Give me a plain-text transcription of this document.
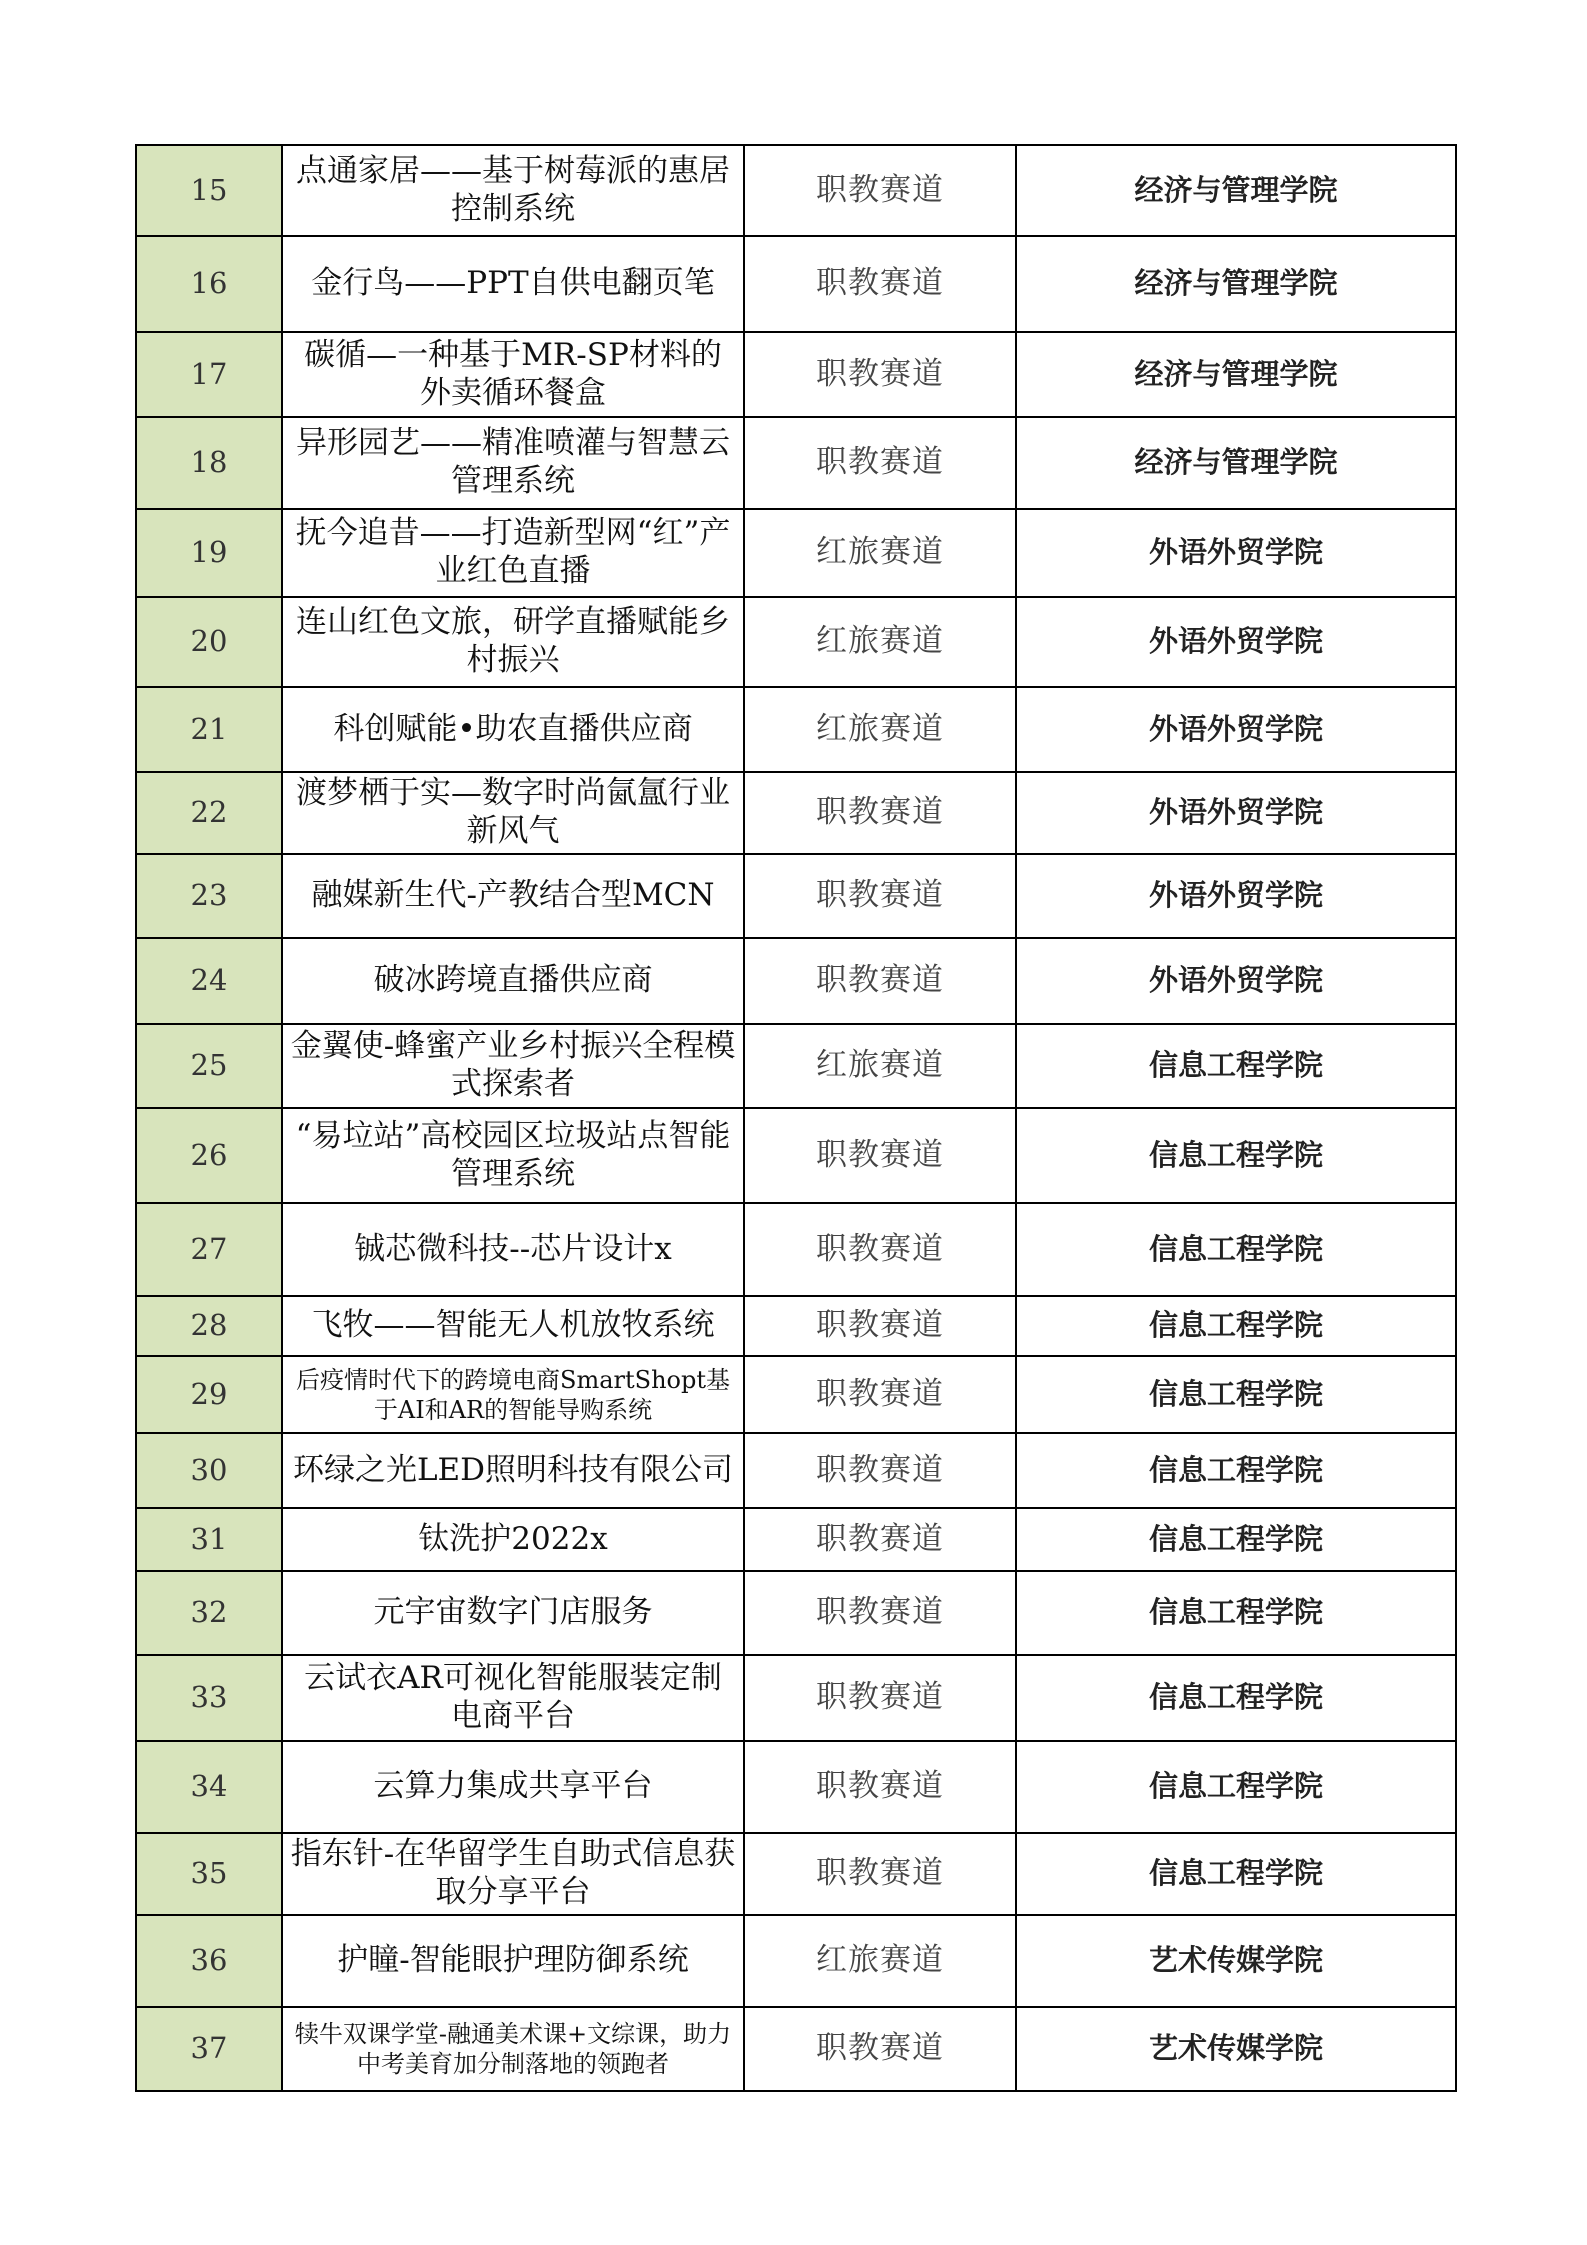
15	点通家居——基于树莓派的惠居控制系统	职教赛道	经济与管理学院
16	金行鸟——PPT自供电翻页笔	职教赛道	经济与管理学院
17	碳循—一种基于MR-SP材料的外卖循环餐盒	职教赛道	经济与管理学院
18	异形园艺——精准喷灌与智慧云管理系统	职教赛道	经济与管理学院
19	抚今追昔——打造新型网“红”产业红色直播	红旅赛道	外语外贸学院
20	连山红色文旅，研学直播赋能乡村振兴	红旅赛道	外语外贸学院
21	科创赋能•助农直播供应商	红旅赛道	外语外贸学院
22	渡梦栖于实—数字时尚氤氲行业新风气	职教赛道	外语外贸学院
23	融媒新生代-产教结合型MCN	职教赛道	外语外贸学院
24	破冰跨境直播供应商	职教赛道	外语外贸学院
25	金翼使-蜂蜜产业乡村振兴全程模式探索者	红旅赛道	信息工程学院
26	“易垃站”高校园区垃圾站点智能管理系统	职教赛道	信息工程学院
27	铖芯微科技--芯片设计x	职教赛道	信息工程学院
28	飞牧——智能无人机放牧系统	职教赛道	信息工程学院
29	后疫情时代下的跨境电商SmartShopt基于AI和AR的智能导购系统	职教赛道	信息工程学院
30	环绿之光LED照明科技有限公司	职教赛道	信息工程学院
31	钛洗护2022x	职教赛道	信息工程学院
32	元宇宙数字门店服务	职教赛道	信息工程学院
33	云试衣AR可视化智能服装定制电商平台	职教赛道	信息工程学院
34	云算力集成共享平台	职教赛道	信息工程学院
35	指东针-在华留学生自助式信息获取分享平台	职教赛道	信息工程学院
36	护瞳-智能眼护理防御系统	红旅赛道	艺术传媒学院
37	犊牛双课学堂-融通美术课+文综课，助力中考美育加分制落地的领跑者	职教赛道	艺术传媒学院
